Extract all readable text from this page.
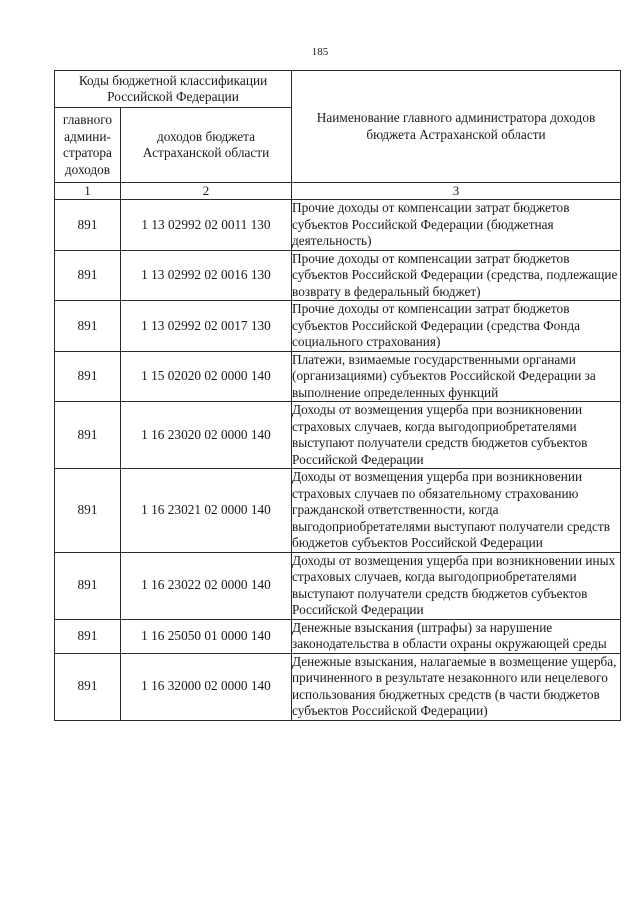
185
Коды бюджетной классификации Российской Федерации		Наименование главного администратора доходов бюджета Астраханской области
главного админи-стратора доходов	доходов бюджета Астраханской области	
1	2	3
891	1 13 02992 02 0011 130	Прочие доходы от компенсации затрат бюджетов субъектов Российской Федерации (бюджетная деятельность)
891	1 13 02992 02 0016 130	Прочие доходы от компенсации затрат бюджетов субъектов Российской Федерации (средства, подлежащие возврату в федеральный бюджет)
891	1 13 02992 02 0017 130	Прочие доходы от компенсации затрат бюджетов субъектов Российской Федерации (средства Фонда социального страхования)
891	1 15 02020 02 0000 140	Платежи, взимаемые государственными органами (организациями) субъектов Российской Федерации за выполнение определенных функций
891	1 16 23020 02 0000 140	Доходы от возмещения ущерба при возникновении страховых случаев, когда выгодоприобретателями выступают получатели средств бюджетов субъектов Российской Федерации
891	1 16 23021 02 0000 140	Доходы от возмещения ущерба при возникновении страховых случаев по обязательному страхованию гражданской ответственности, когда выгодоприобретателями выступают получатели средств бюджетов субъектов Российской Федерации
891	1 16 23022 02 0000 140	Доходы от возмещения ущерба при возникновении иных страховых случаев, когда выгодоприобретателями выступают получатели средств бюджетов субъектов Российской Федерации
891	1 16 25050 01 0000 140	Денежные взыскания (штрафы) за нарушение законодательства в области охраны окружающей среды
891	1 16 32000 02 0000 140	Денежные взыскания, налагаемые в возмещение ущерба, причиненного в результате незаконного или нецелевого использования бюджетных средств (в части бюджетов субъектов Российской Федерации)
